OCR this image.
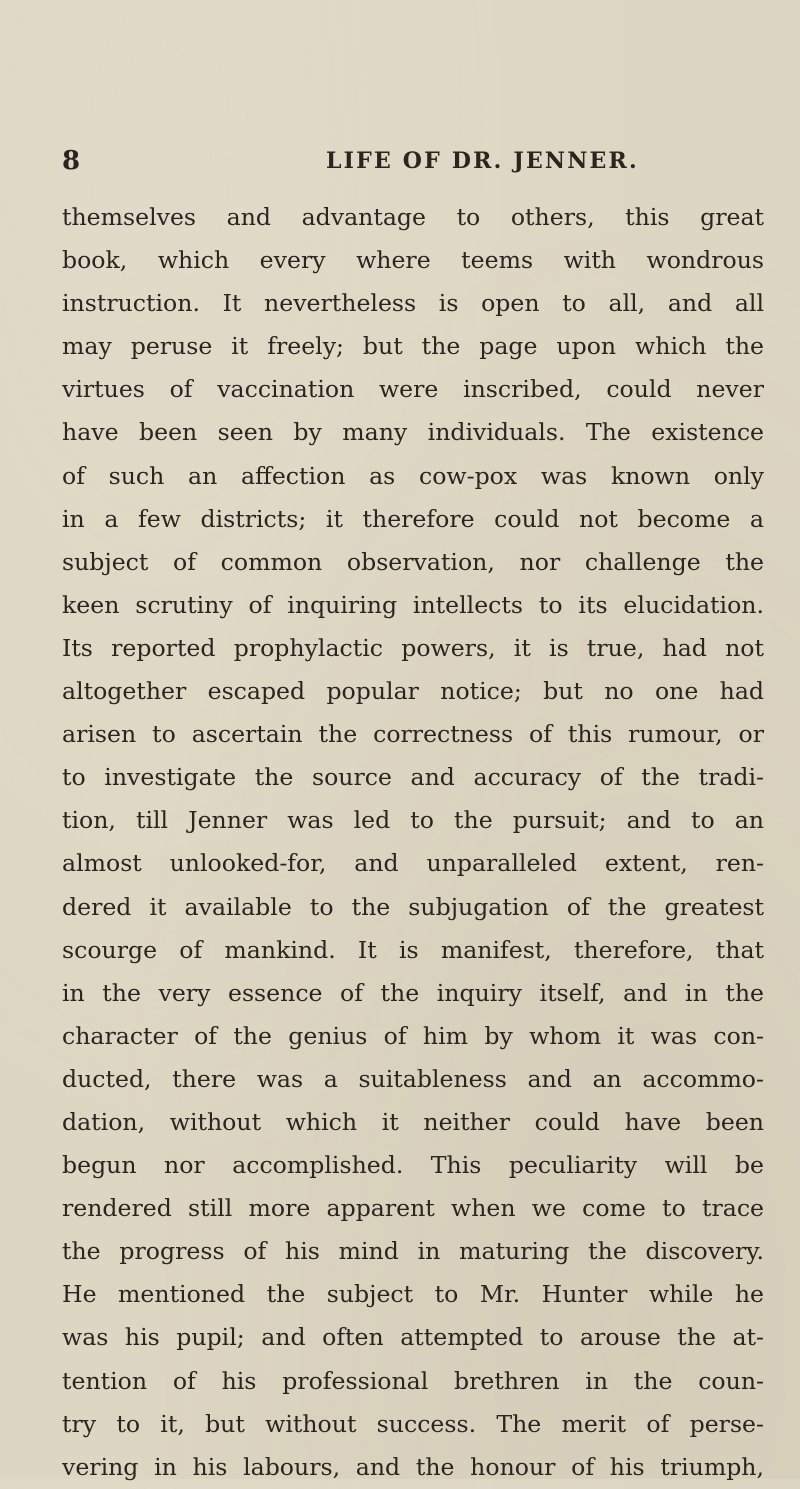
8	LIFE OF DR. JENNER.
themselves and advantage to others, this great
book, which every where teems with wondrous
instruction. It nevertheless is open to all, and all
may peruse it freely; but the page upon which the
virtues of vaccination were inscribed, could never
have been seen by many individuals. The existence
of such an affection as cow-pox was known only
in a few districts; it therefore could not become a
subject of common observation, nor challenge the
keen scrutiny of inquiring intellects to its elucidation.
Its reported prophylactic powers, it is true, had not
altogether escaped popular notice; but no one had
arisen to ascertain the correctness of this rumour, or
to investigate the source and accuracy of the tradi-
tion, till Jenner was led to the pursuit; and to an
almost unlooked-for, and unparalleled extent, ren-
dered it available to the subjugation of the greatest
scourge of mankind. It is manifest, therefore, that
in the very essence of the inquiry itself, and in the
character of the genius of him by whom it was con-
ducted, there was a suitableness and an accommo-
dation, without which it neither could have been
begun nor accomplished. This peculiarity will be
rendered still more apparent when we come to trace
the progress of his mind in maturing the discovery.
He mentioned the subject to Mr. Hunter while he
was his pupil; and often attempted to arouse the at-
tention of his professional brethren in the coun-
try to it, but without success. The merit of perse-
vering in his labours, and the honour of his triumph,
